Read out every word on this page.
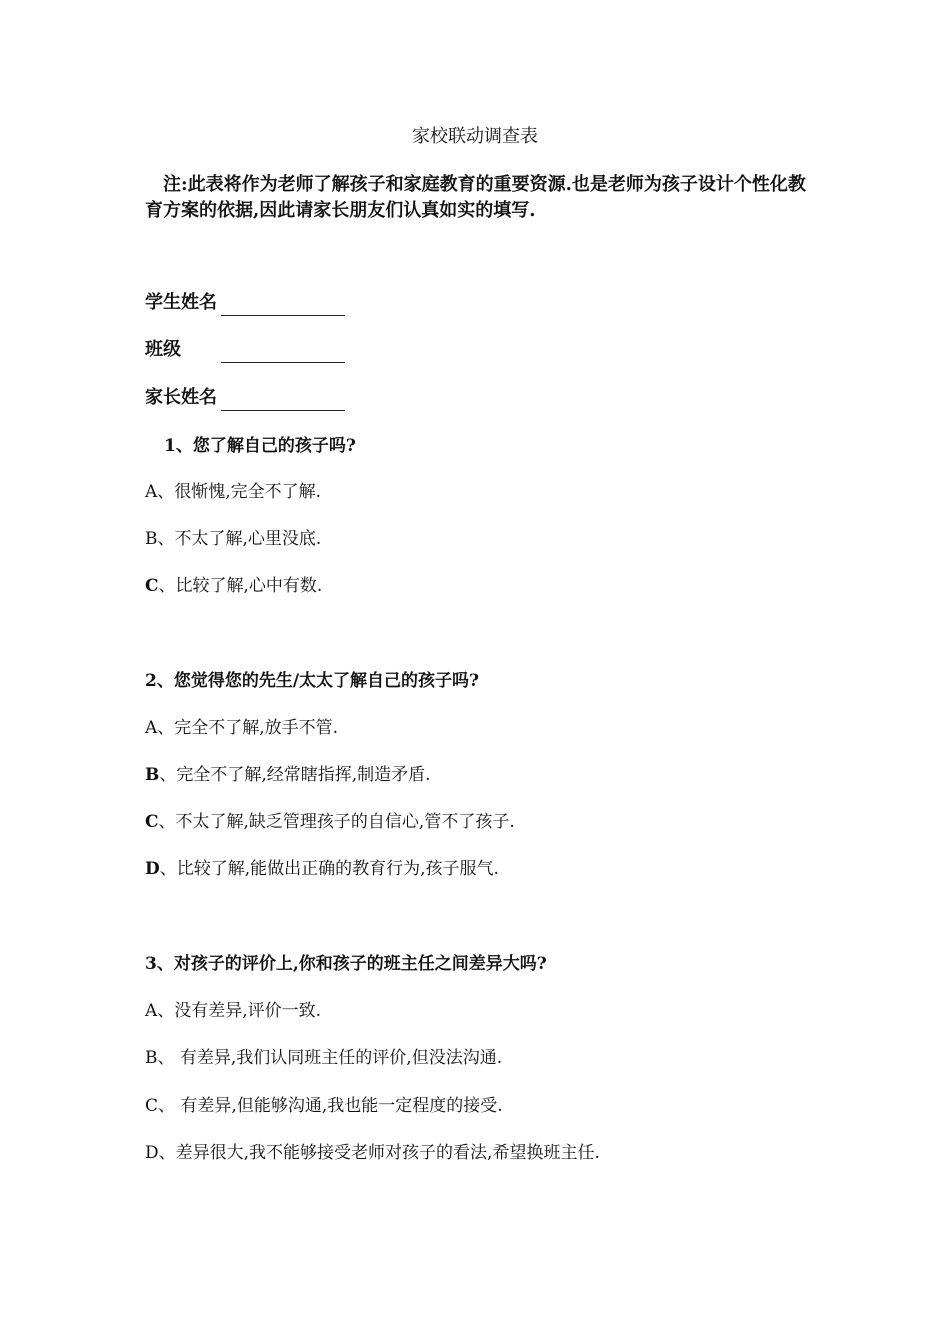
家校联动调查表
注:此表将作为老师了解孩子和家庭教育的重要资源.也是老师为孩子设计个性化教育方案的依据,因此请家长朋友们认真如实的填写.
学生姓名
班级
家长姓名
1、您了解自己的孩子吗?
A、很惭愧,完全不了解.
B、不太了解,心里没底.
C、比较了解,心中有数.
2、您觉得您的先生/太太了解自己的孩子吗?
A、完全不了解,放手不管.
B、完全不了解,经常瞎指挥,制造矛盾.
C、不太了解,缺乏管理孩子的自信心,管不了孩子.
D、比较了解,能做出正确的教育行为,孩子服气.
3、对孩子的评价上,你和孩子的班主任之间差异大吗?
A、没有差异,评价一致.
B、 有差异,我们认同班主任的评价,但没法沟通.
C、 有差异,但能够沟通,我也能一定程度的接受.
D、差异很大,我不能够接受老师对孩子的看法,希望换班主任.
